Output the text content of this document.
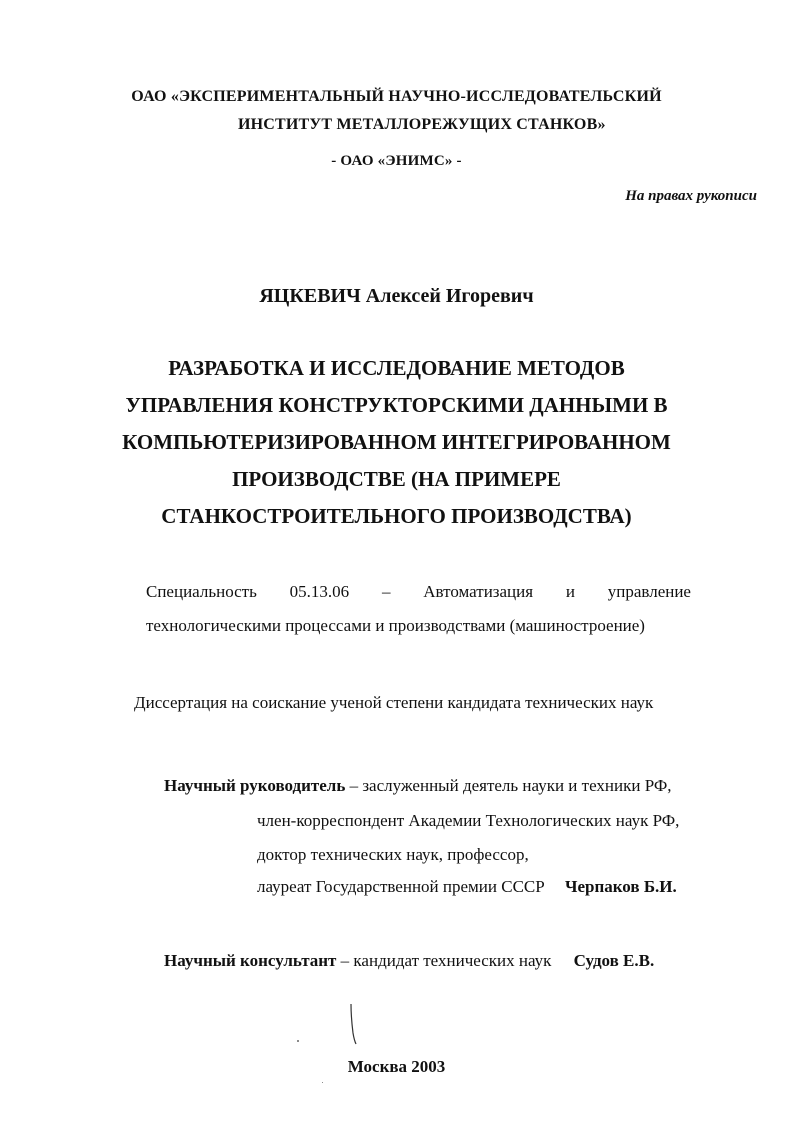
ОАО «ЭКСПЕРИМЕНТАЛЬНЫЙ НАУЧНО-ИССЛЕДОВАТЕЛЬСКИЙ
ИНСТИТУТ МЕТАЛЛОРЕЖУЩИХ СТАНКОВ»
- ОАО «ЭНИМС» -
На правах рукописи
ЯЦКЕВИЧ Алексей Игоревич
РАЗРАБОТКА И ИССЛЕДОВАНИЕ МЕТОДОВ
УПРАВЛЕНИЯ КОНСТРУКТОРСКИМИ ДАННЫМИ В
КОМПЬЮТЕРИЗИРОВАННОМ ИНТЕГРИРОВАННОМ
ПРОИЗВОДСТВЕ (НА ПРИМЕРЕ
СТАНКОСТРОИТЕЛЬНОГО ПРОИЗВОДСТВА)
Специальность 05.13.06 – Автоматизация и управление
технологическими процессами и производствами (машиностроение)
Диссертация на соискание ученой степени кандидата технических наук
Научный руководитель – заслуженный деятель науки и техники РФ,
член-корреспондент Академии Технологических наук РФ,
доктор технических наук, профессор,
лауреат Государственной премии СССР Черпаков Б.И.
Научный консультант – кандидат технических наук Судов Е.В.
Москва 2003
